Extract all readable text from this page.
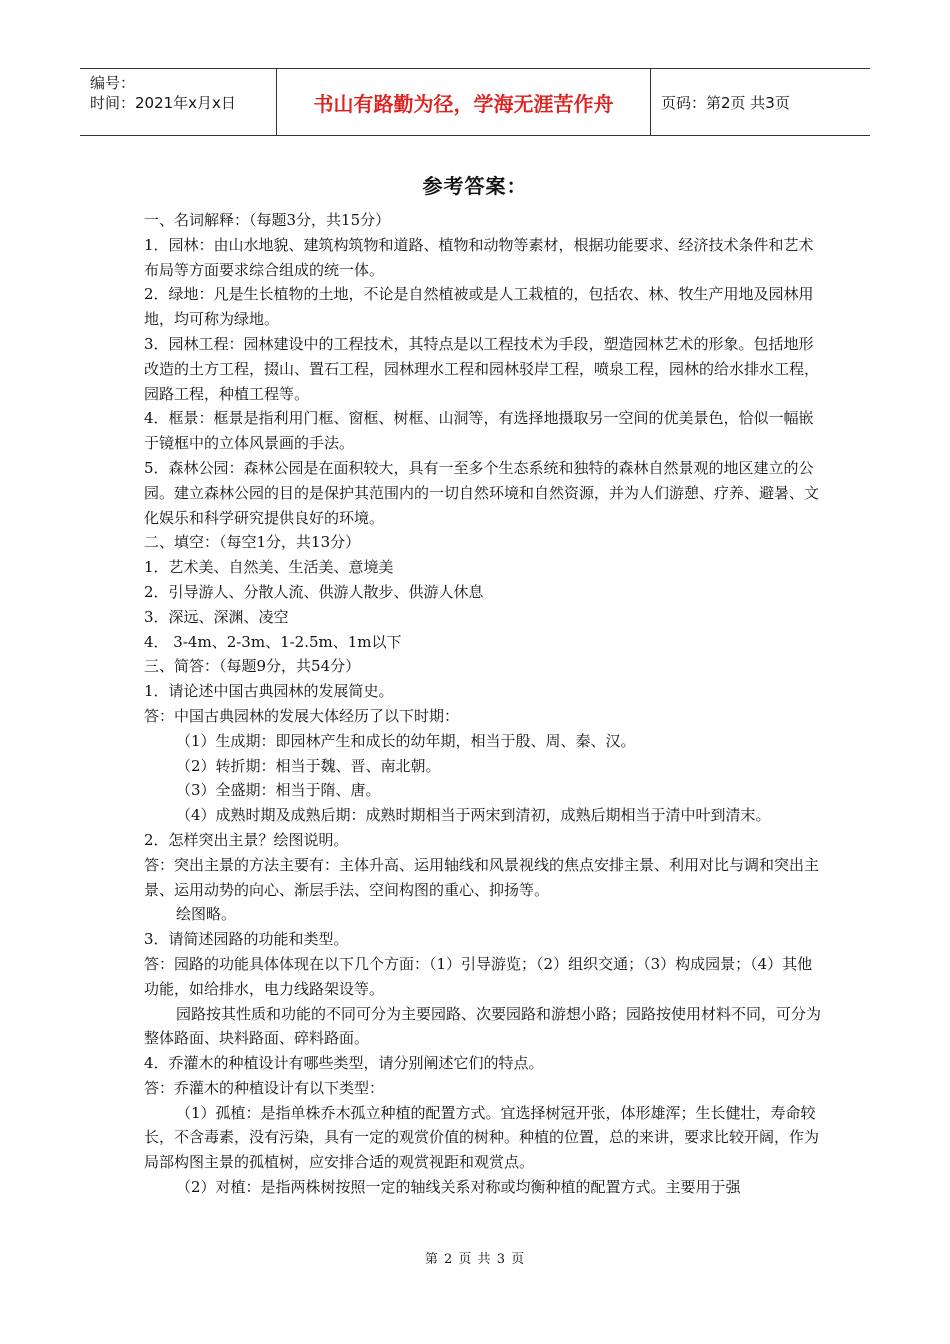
编号：
时间：2021年x月x日	书山有路勤为径，学海无涯苦作舟	页码：第2页 共3页
参考答案：

一、名词解释：（每题3分，共15分）

1．园林：由山水地貌、建筑构筑物和道路、植物和动物等素材，根据功能要求、经济技术条件和艺术布局等方面要求综合组成的统一体。

2．绿地：凡是生长植物的土地，不论是自然植被或是人工栽植的，包括农、林、牧生产用地及园林用地，均可称为绿地。

3．园林工程：园林建设中的工程技术，其特点是以工程技术为手段，塑造园林艺术的形象。包括地形改造的土方工程，掇山、置石工程，园林理水工程和园林驳岸工程，喷泉工程，园林的给水排水工程，园路工程，种植工程等。

4．框景：框景是指利用门框、窗框、树框、山洞等，有选择地摄取另一空间的优美景色，恰似一幅嵌于镜框中的立体风景画的手法。

5．森林公园：森林公园是在面积较大，具有一至多个生态系统和独特的森林自然景观的地区建立的公园。建立森林公园的目的是保护其范围内的一切自然环境和自然资源，并为人们游憩、疗养、避暑、文化娱乐和科学研究提供良好的环境。

二、填空：（每空1分，共13分）

1．艺术美、自然美、生活美、意境美

2．引导游人、分散人流、供游人散步、供游人休息

3．深远、深渊、凌空

4． 3-4m、2-3m、1-2.5m、1m以下

三、简答：（每题9分，共54分）

1．请论述中国古典园林的发展简史。

答：中国古典园林的发展大体经历了以下时期：

（1）生成期：即园林产生和成长的幼年期，相当于殷、周、秦、汉。

（2）转折期：相当于魏、晋、南北朝。

（3）全盛期：相当于隋、唐。

（4）成熟时期及成熟后期：成熟时期相当于两宋到清初，成熟后期相当于清中叶到清末。

2．怎样突出主景？绘图说明。

答：突出主景的方法主要有：主体升高、运用轴线和风景视线的焦点安排主景、利用对比与调和突出主景、运用动势的向心、渐层手法、空间构图的重心、抑扬等。

绘图略。

3．请简述园路的功能和类型。

答：园路的功能具体体现在以下几个方面：（1）引导游览；（2）组织交通；（3）构成园景；（4）其他功能，如给排水，电力线路架设等。

园路按其性质和功能的不同可分为主要园路、次要园路和游想小路；园路按使用材料不同，可分为整体路面、块料路面、碎料路面。

4．乔灌木的种植设计有哪些类型，请分别阐述它们的特点。

答：乔灌木的种植设计有以下类型：

（1）孤植：是指单株乔木孤立种植的配置方式。宜选择树冠开张，体形雄浑；生长健壮，寿命较长，不含毒素，没有污染，具有一定的观赏价值的树种。种植的位置，总的来讲，要求比较开阔，作为局部构图主景的孤植树，应安排合适的观赏视距和观赏点。

（2）对植：是指两株树按照一定的轴线关系对称或均衡种植的配置方式。主要用于强

第 2 页 共 3 页
